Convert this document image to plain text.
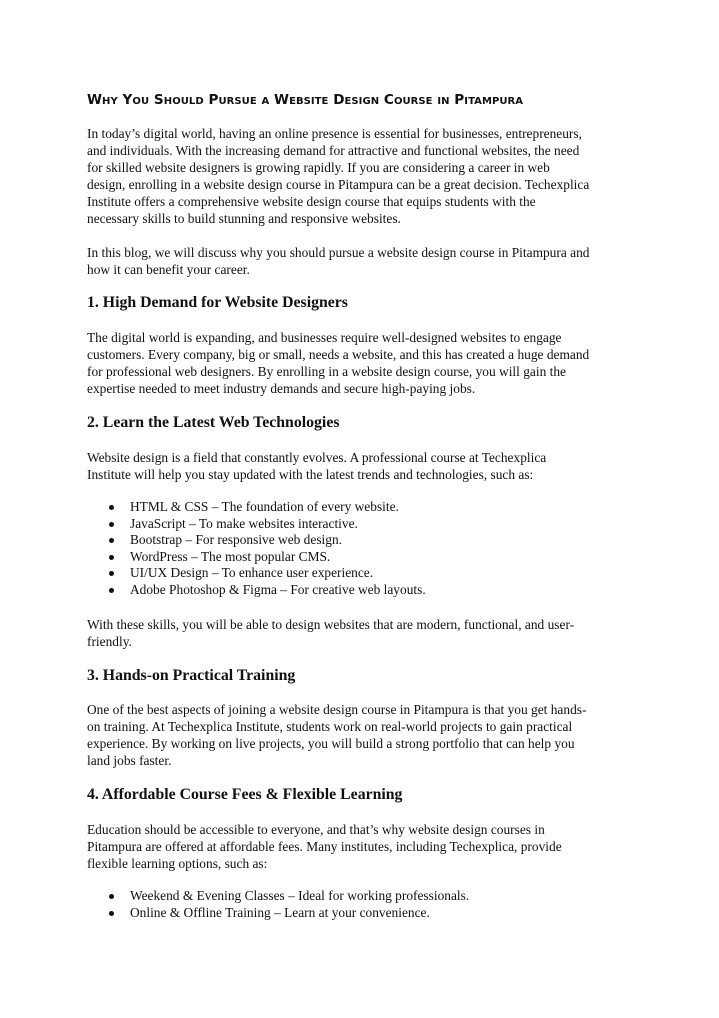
Why You Should Pursue a Website Design Course in Pitampura

In today’s digital world, having an online presence is essential for businesses, entrepreneurs,
and individuals. With the increasing demand for attractive and functional websites, the need
for skilled website designers is growing rapidly. If you are considering a career in web
design, enrolling in a website design course in Pitampura can be a great decision. Techexplica
Institute offers a comprehensive website design course that equips students with the
necessary skills to build stunning and responsive websites.

In this blog, we will discuss why you should pursue a website design course in Pitampura and
how it can benefit your career.

1. High Demand for Website Designers

The digital world is expanding, and businesses require well-designed websites to engage
customers. Every company, big or small, needs a website, and this has created a huge demand
for professional web designers. By enrolling in a website design course, you will gain the
expertise needed to meet industry demands and secure high-paying jobs.

2. Learn the Latest Web Technologies

Website design is a field that constantly evolves. A professional course at Techexplica
Institute will help you stay updated with the latest trends and technologies, such as:

HTML & CSS – The foundation of every website.
JavaScript – To make websites interactive.
Bootstrap – For responsive web design.
WordPress – The most popular CMS.
UI/UX Design – To enhance user experience.
Adobe Photoshop & Figma – For creative web layouts.

With these skills, you will be able to design websites that are modern, functional, and user-
friendly.

3. Hands-on Practical Training

One of the best aspects of joining a website design course in Pitampura is that you get hands-
on training. At Techexplica Institute, students work on real-world projects to gain practical
experience. By working on live projects, you will build a strong portfolio that can help you
land jobs faster.

4. Affordable Course Fees & Flexible Learning

Education should be accessible to everyone, and that’s why website design courses in
Pitampura are offered at affordable fees. Many institutes, including Techexplica, provide
flexible learning options, such as:

Weekend & Evening Classes – Ideal for working professionals.
Online & Offline Training – Learn at your convenience.
